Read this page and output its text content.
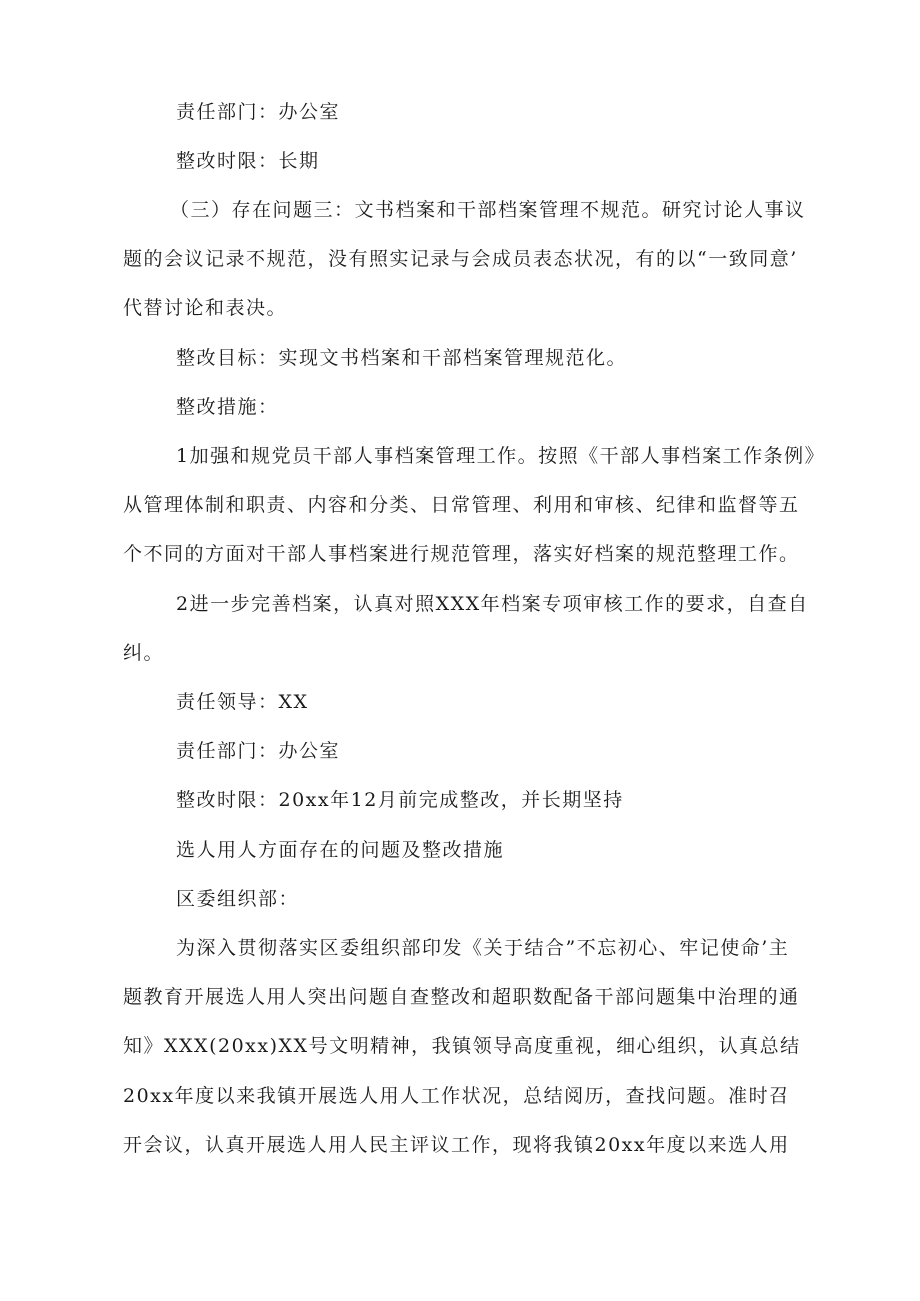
责任部门：办公室
整改时限：长期
（三）存在问题三：文书档案和干部档案管理不规范。研究讨论人事议
题的会议记录不规范，没有照实记录与会成员表态状况，有的以“一致同意’
代替讨论和表决。
整改目标：实现文书档案和干部档案管理规范化。
整改措施：
1加强和规党员干部人事档案管理工作。按照《干部人事档案工作条例》
从管理体制和职责、内容和分类、日常管理、利用和审核、纪律和监督等五
个不同的方面对干部人事档案进行规范管理，落实好档案的规范整理工作。
2进一步完善档案，认真对照XXX年档案专项审核工作的要求，自查自
纠。
责任领导：XX
责任部门：办公室
整改时限：20xx年12月前完成整改，并长期坚持
选人用人方面存在的问题及整改措施
区委组织部：
为深入贯彻落实区委组织部印发《关于结合”不忘初心、牢记使命’主
题教育开展选人用人突出问题自查整改和超职数配备干部问题集中治理的通
知》XXX(20xx)XX号文明精神，我镇领导高度重视，细心组织，认真总结
20xx年度以来我镇开展选人用人工作状况，总结阅历，查找问题。准时召
开会议，认真开展选人用人民主评议工作，现将我镇20xx年度以来选人用
